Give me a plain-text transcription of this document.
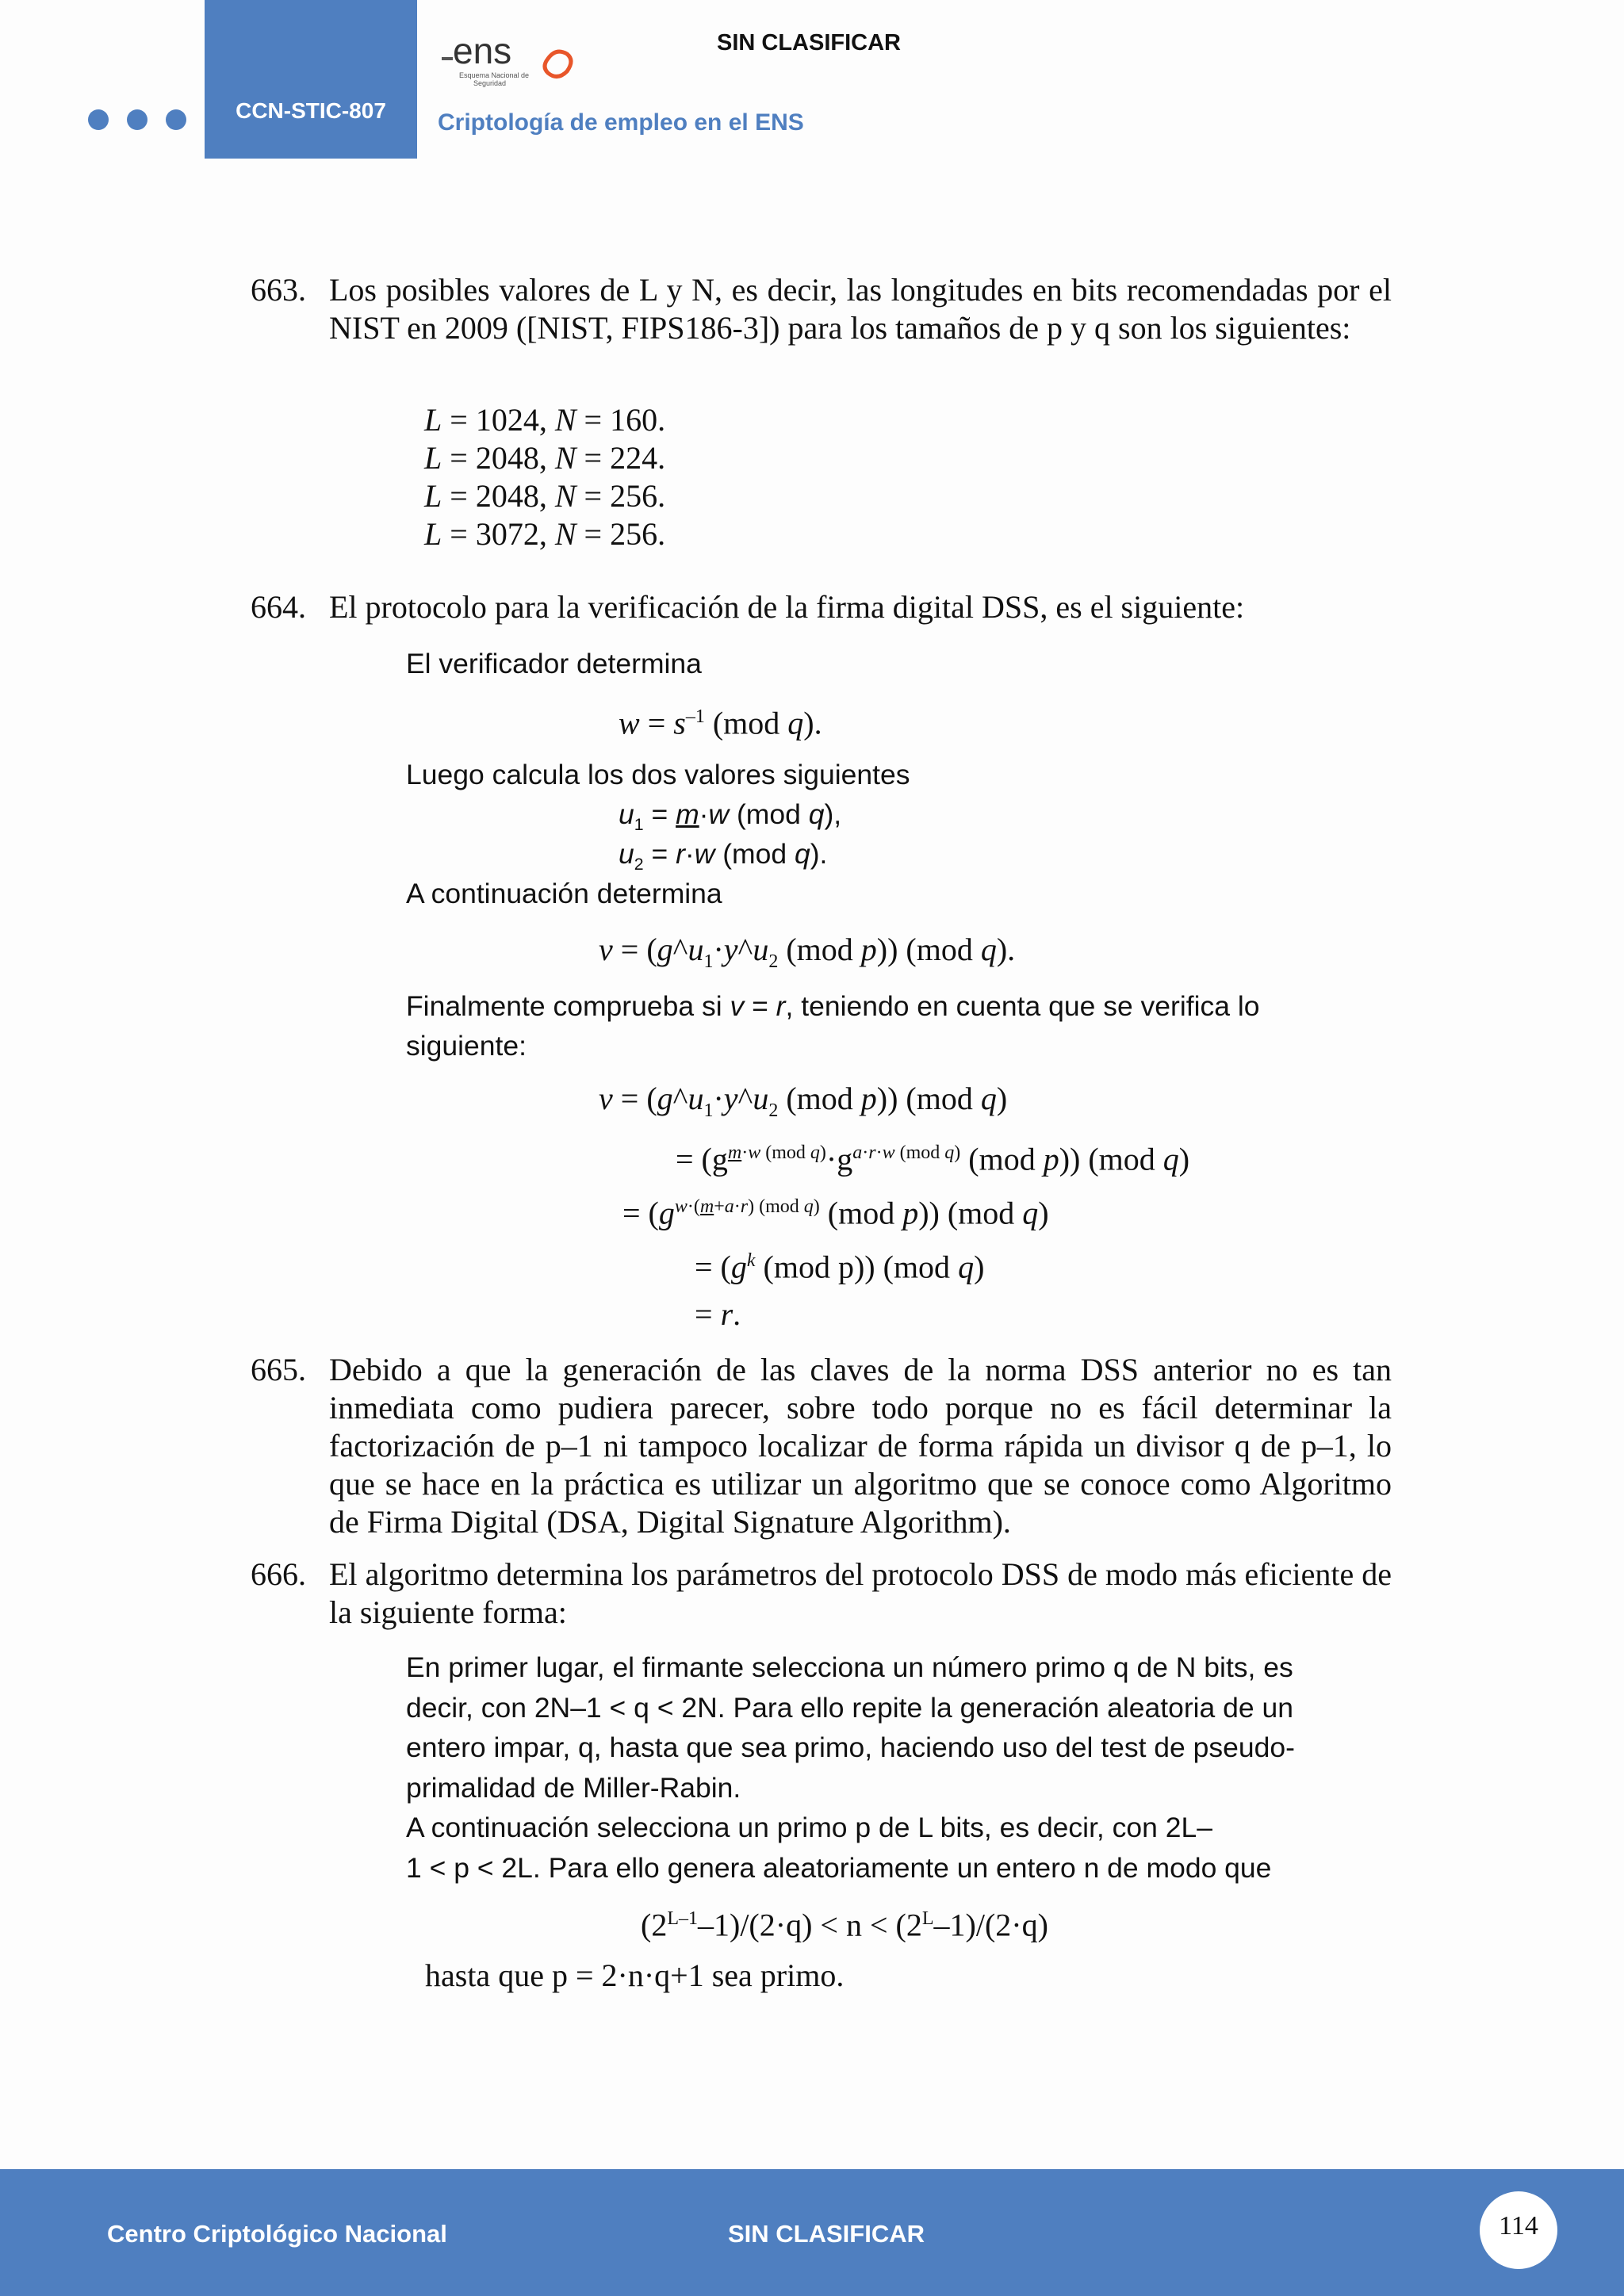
CCN-STIC-807
ens
Esquema Nacional de
Seguridad
SIN CLASIFICAR
Criptología de empleo en el ENS
663. Los posibles valores de L y N, es decir, las longitudes en bits recomendadas por el NIST en 2009 ([NIST, FIPS186-3]) para los tamaños de p y q son los siguientes:
L = 1024, N = 160.
L = 2048, N = 224.
L = 2048, N = 256.
L = 3072, N = 256.
664. El protocolo para la verificación de la firma digital DSS, es el siguiente:
El verificador determina
$w = s^{-1}$ (mod q).
Luego calcula los dos valores siguientes
$u_1 = m\cdot w$ (mod q),
$u_2 = r\cdot w$ (mod q).
A continuación determina
$v = (g\^{}u_1\cdot y\^{}u_2$ (mod p)) (mod q).
Finalmente comprueba si v = r, teniendo en cuenta que se verifica lo
siguiente:
$v = (g\^{}u_1\cdot y\^{}u_2$ (mod p)) (mod q)
= ($g^{m\cdot w (mod q)}\cdot g^{a\cdot r\cdot w (mod q)}$ (mod p)) (mod q)
= ($g^{w\cdot(m+a\cdot r) (mod q)}$ (mod p)) (mod q)
= ($g^k$ (mod p)) (mod q)
= r.
665. Debido a que la generación de las claves de la norma DSS anterior no es tan inmediata como pudiera parecer, sobre todo porque no es fácil determinar la factorización de p–1 ni tampoco localizar de forma rápida un divisor q de p–1, lo que se hace en la práctica es utilizar un algoritmo que se conoce como Algoritmo de Firma Digital (DSA, Digital Signature Algorithm).
666. El algoritmo determina los parámetros del protocolo DSS de modo más eficiente de la siguiente forma:
En primer lugar, el firmante selecciona un número primo q de N bits, es
decir, con 2N–1 < q < 2N. Para ello repite la generación aleatoria de un
entero impar, q, hasta que sea primo, haciendo uso del test de pseudo-
primalidad de Miller-Rabin.
A continuación selecciona un primo p de L bits, es decir, con 2L–
1 < p < 2L. Para ello genera aleatoriamente un entero n de modo que
$(2^{L-1}-1)/(2\cdot q) < n < (2^L-1)/(2\cdot q)$
hasta que p = 2·n·q+1 sea primo.
Centro Criptológico Nacional	SIN CLASIFICAR	114
